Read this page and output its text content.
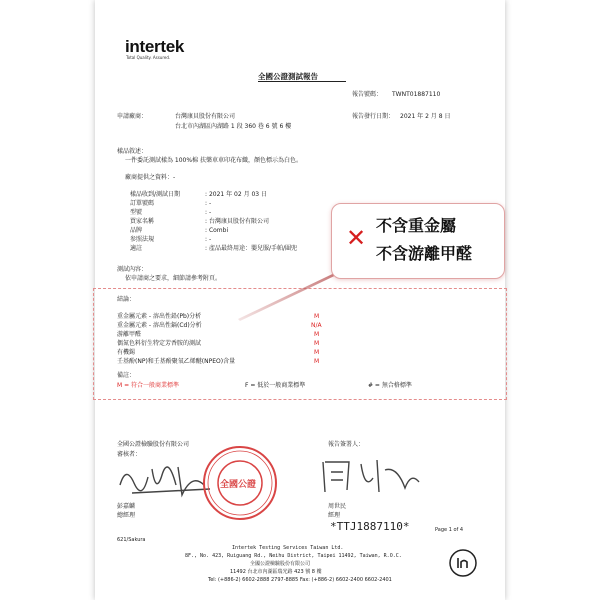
intertek
Total Quality. Assured.
全國公證測試報告
報告號碼： TWNT01887110
報告發行日期： 2021 年 2 月 8 日
申請廠商：	台灣康貝股份有限公司
台北市內湖區內湖路 1 段 360 巷 6 號 6 樓
樣品敘述：
一件委託測試樣為 100%棉 扶樂車車印花布織，顏色標示為白色。
廠商提供之資料：-
樣品收到/測試日期	: 2021 年 02 月 03 日
訂單號碼	: -
型號	: -
買家名稱	: 台灣康貝股份有限公司
品牌	: Combi
参照法規	: -
適註	: 產品最終用途：嬰兒服/手帕/圍兜
測試內容：
依申請商之要求，細節請參考附頁。
結論：
重金屬元素 - 溶出性鉛(Pb)分析	M
重金屬元素 - 溶出性鎘(Cd)分析	N/A
游離甲醛	M
偶氮色料衍生特定芳香胺的測試	M
有機錫	M
壬基酚(NP)和壬基酚聚氧乙烯醚(NPEO)含量	M
備註：
M = 符合一般商業標準	F = 低於一般商業標準	# = 無合格標準
✕ 不含重金屬
不含游離甲醛
全國公證檢驗股份有限公司
審核者：
報告簽署人：
全國公證
彭嘉麟
總經理
周世民
經理
*TTJ1887110*	Page 1 of 4
621/Sakura
Intertek Testing Services Taiwan Ltd.
8F., No. 423, Ruiguang Rd., Neihu District, Taipei 11492, Taiwan, R.O.C.
全國公證檢驗股份有限公司
11492 台北市內湖區瑞光路 423 號 8 樓
Tel: (+886-2) 6602-2888 2797-8885 Fax: (+886-2) 6602-2400 6602-2401
